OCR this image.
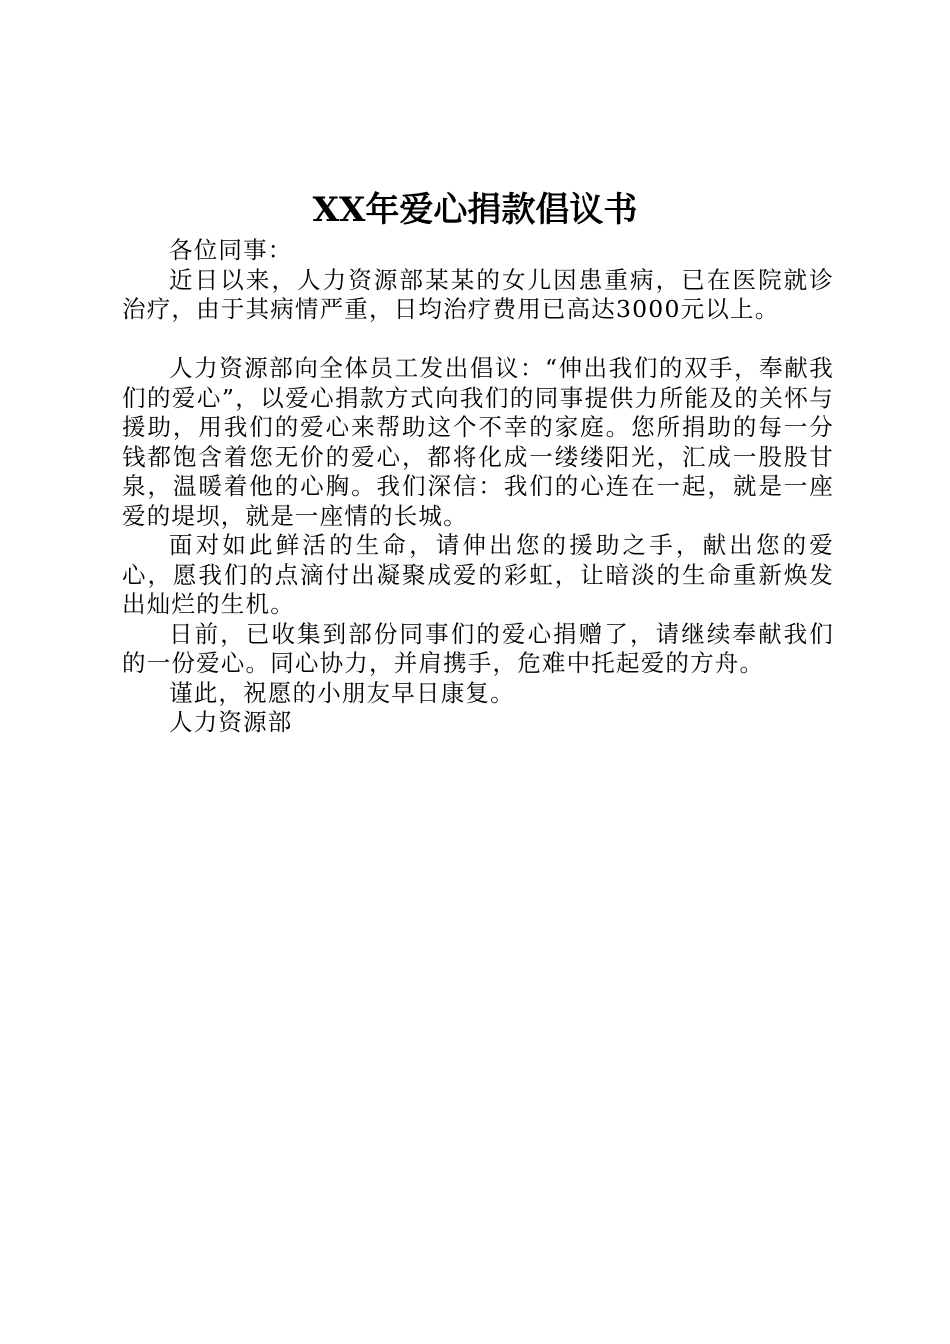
XX年爱心捐款倡议书

各位同事：

近日以来，人力资源部某某的女儿因患重病，已在医院就诊治疗，由于其病情严重，日均治疗费用已高达3000元以上。

人力资源部向全体员工发出倡议：“伸出我们的双手，奉献我们的爱心”，以爱心捐款方式向我们的同事提供力所能及的关怀与援助，用我们的爱心来帮助这个不幸的家庭。您所捐助的每一分钱都饱含着您无价的爱心，都将化成一缕缕阳光，汇成一股股甘泉，温暖着他的心胸。我们深信：我们的心连在一起，就是一座爱的堤坝，就是一座情的长城。

面对如此鲜活的生命，请伸出您的援助之手，献出您的爱心，愿我们的点滴付出凝聚成爱的彩虹，让暗淡的生命重新焕发出灿烂的生机。

日前，已收集到部份同事们的爱心捐赠了，请继续奉献我们的一份爱心。同心协力，并肩携手，危难中托起爱的方舟。

谨此，祝愿的小朋友早日康复。

人力资源部
